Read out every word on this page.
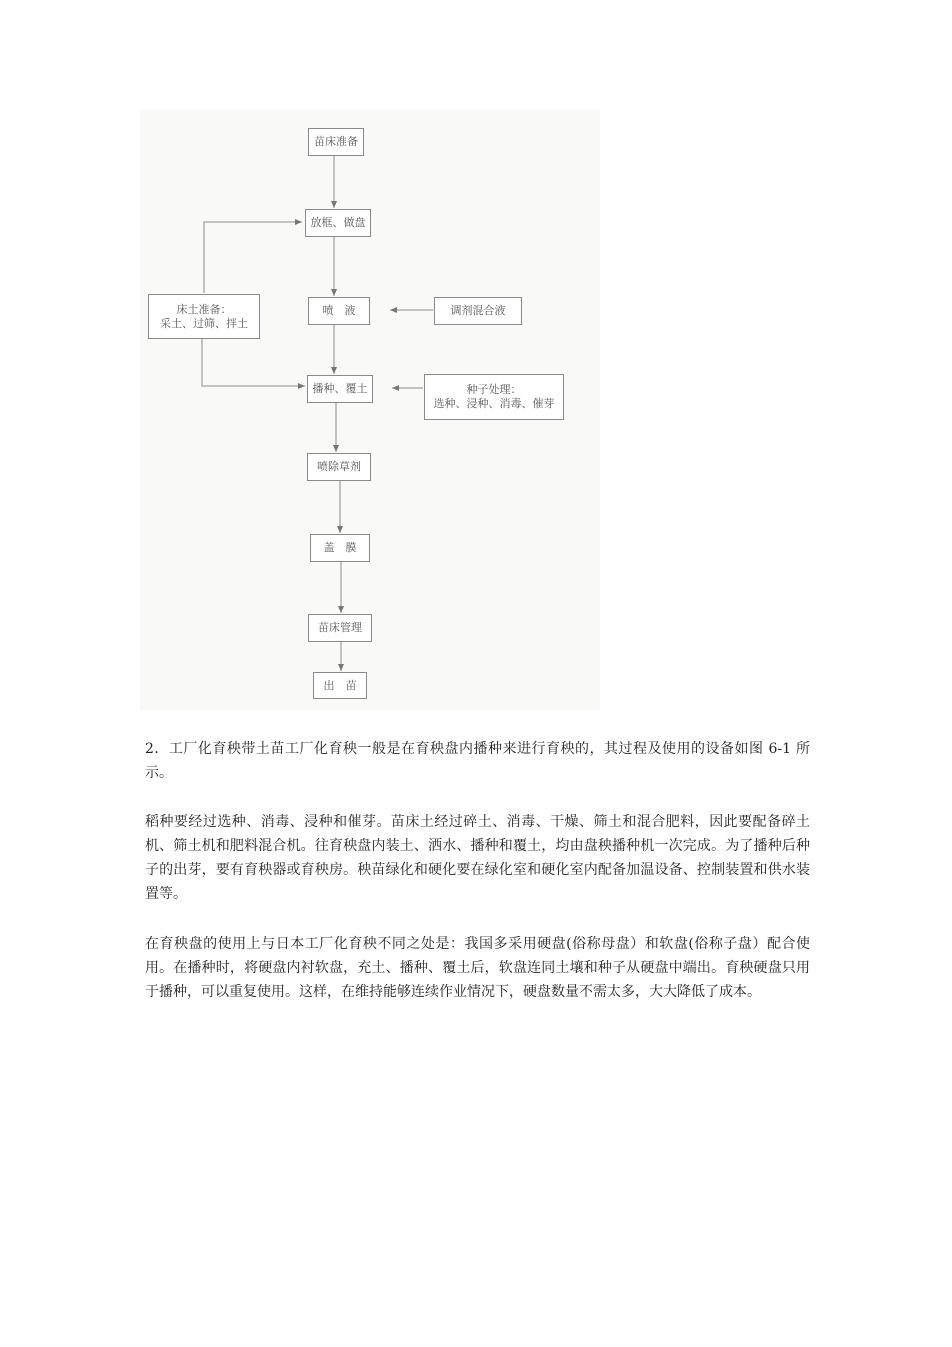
苗床准备
放框、做盘
喷　液
播种、覆土
喷除草剂
盖　膜
苗床管理
出　苗
床土准备：
采土、过筛、拌土
调剂混合液
种子处理：
选种、浸种、消毒、催芽

2．工厂化育秧带土苗工厂化育秧一般是在育秧盘内播种来进行育秧的，其过程及使用的设备如图 6-1 所示。

稻种要经过选种、消毒、浸种和催芽。苗床土经过碎土、消毒、干燥、筛土和混合肥料，因此要配备碎土机、筛土机和肥料混合机。往育秧盘内装土、洒水、播种和覆土，均由盘秧播种机一次完成。为了播种后种子的出芽，要有育秧器或育秧房。秧苗绿化和硬化要在绿化室和硬化室内配备加温设备、控制装置和供水装置等。

在育秧盘的使用上与日本工厂化育秧不同之处是：我国多采用硬盘(俗称母盘）和软盘(俗称子盘）配合使用。在播种时，将硬盘内衬软盘，充土、播种、覆土后，软盘连同土壤和种子从硬盘中端出。育秧硬盘只用于播种，可以重复使用。这样，在维持能够连续作业情况下，硬盘数量不需太多，大大降低了成本。
